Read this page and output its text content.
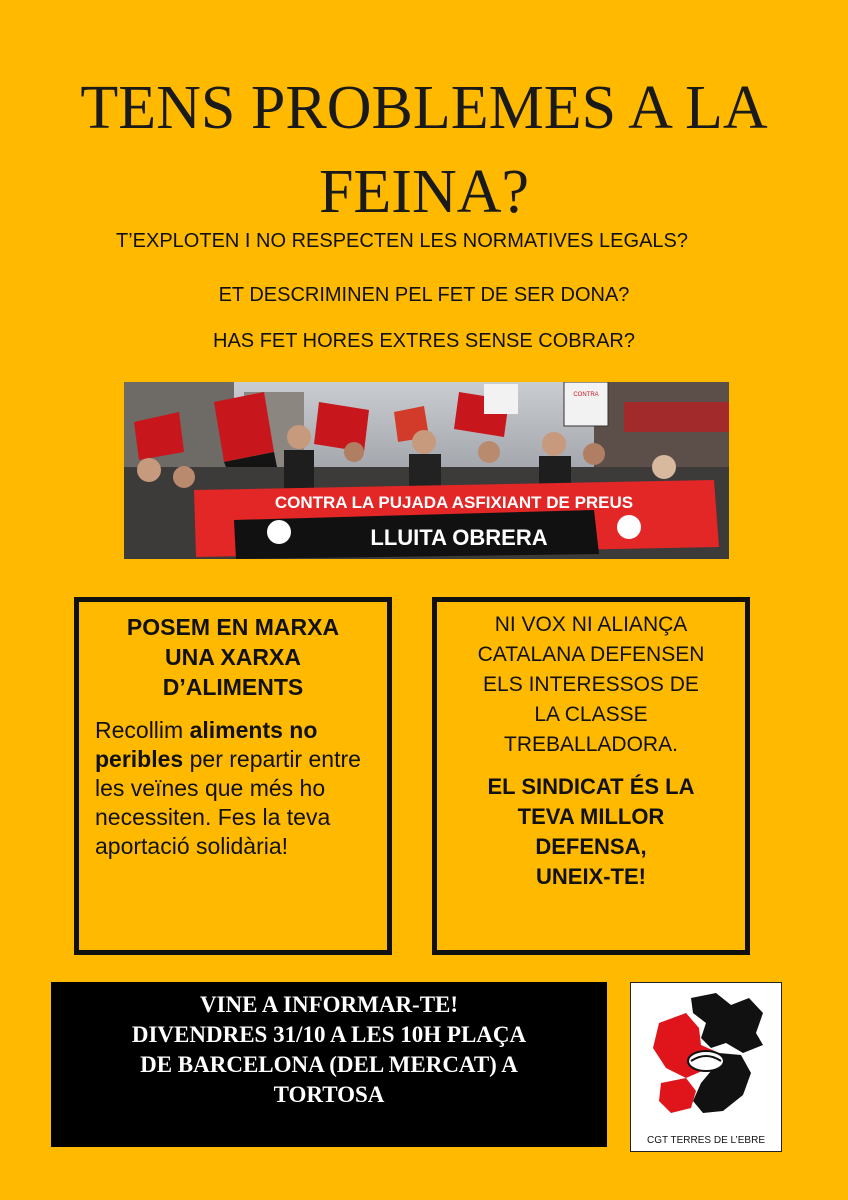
TENS PROBLEMES A LA
FEINA?
T’EXPLOTEN I NO RESPECTEN LES NORMATIVES LEGALS?
ET DESCRIMINEN PEL FET DE SER DONA?
HAS FET HORES EXTRES SENSE COBRAR?
CONTRA
CONTRA LA PUJADA ASFIXIANT DE PREUS
LLUITA OBRERA
POSEM EN MARXA
UNA XARXA
D’ALIMENTS
Recollim aliments no peribles per repartir entre les veïnes que més ho necessiten. Fes la teva aportació solidària!
NI VOX NI ALIANÇA
CATALANA DEFENSEN
ELS INTERESSOS DE
LA CLASSE
TREBALLADORA.
EL SINDICAT ÉS LA
TEVA MILLOR
DEFENSA,
UNEIX-TE!
VINE A INFORMAR-TE!
DIVENDRES 31/10 A LES 10H PLAÇA
DE BARCELONA (DEL MERCAT) A
TORTOSA
CGT TERRES DE L’EBRE
